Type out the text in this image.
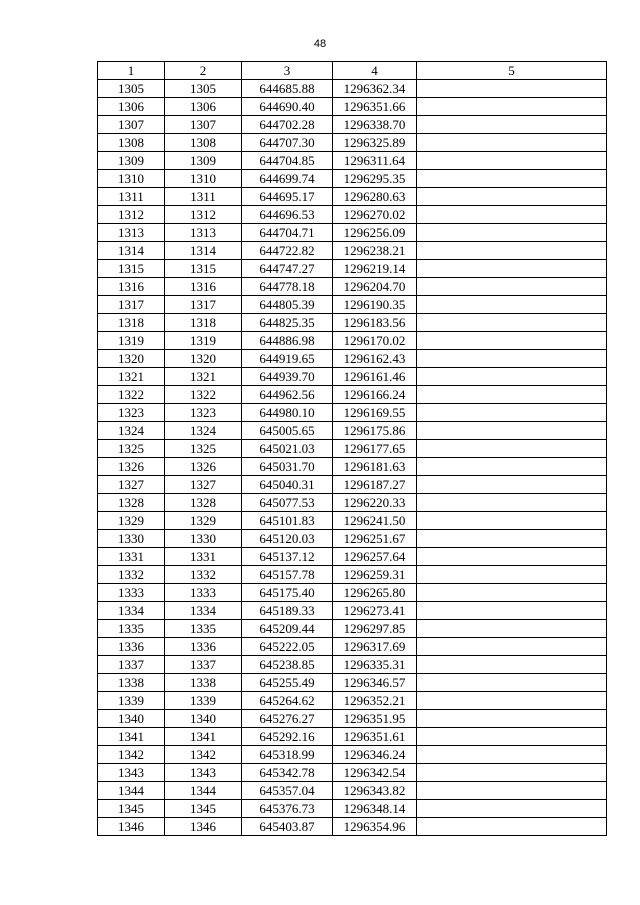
48
1	2	3	4	5
1305	1305	644685.88	1296362.34	
1306	1306	644690.40	1296351.66	
1307	1307	644702.28	1296338.70	
1308	1308	644707.30	1296325.89	
1309	1309	644704.85	1296311.64	
1310	1310	644699.74	1296295.35	
1311	1311	644695.17	1296280.63	
1312	1312	644696.53	1296270.02	
1313	1313	644704.71	1296256.09	
1314	1314	644722.82	1296238.21	
1315	1315	644747.27	1296219.14	
1316	1316	644778.18	1296204.70	
1317	1317	644805.39	1296190.35	
1318	1318	644825.35	1296183.56	
1319	1319	644886.98	1296170.02	
1320	1320	644919.65	1296162.43	
1321	1321	644939.70	1296161.46	
1322	1322	644962.56	1296166.24	
1323	1323	644980.10	1296169.55	
1324	1324	645005.65	1296175.86	
1325	1325	645021.03	1296177.65	
1326	1326	645031.70	1296181.63	
1327	1327	645040.31	1296187.27	
1328	1328	645077.53	1296220.33	
1329	1329	645101.83	1296241.50	
1330	1330	645120.03	1296251.67	
1331	1331	645137.12	1296257.64	
1332	1332	645157.78	1296259.31	
1333	1333	645175.40	1296265.80	
1334	1334	645189.33	1296273.41	
1335	1335	645209.44	1296297.85	
1336	1336	645222.05	1296317.69	
1337	1337	645238.85	1296335.31	
1338	1338	645255.49	1296346.57	
1339	1339	645264.62	1296352.21	
1340	1340	645276.27	1296351.95	
1341	1341	645292.16	1296351.61	
1342	1342	645318.99	1296346.24	
1343	1343	645342.78	1296342.54	
1344	1344	645357.04	1296343.82	
1345	1345	645376.73	1296348.14	
1346	1346	645403.87	1296354.96	
